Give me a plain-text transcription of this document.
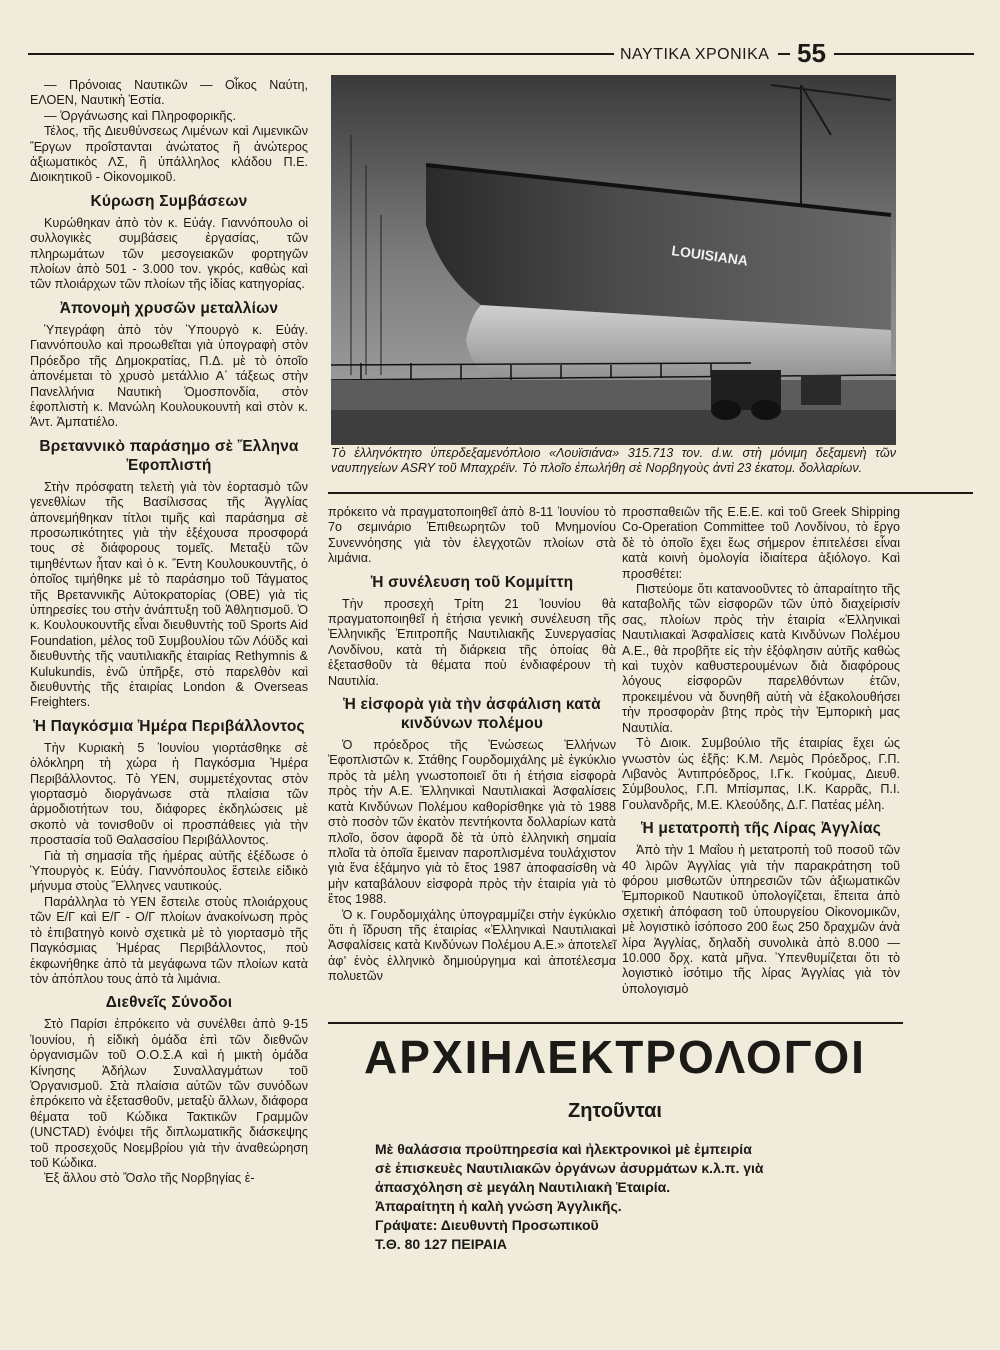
ΝΑΥΤΙΚΑ ΧΡΟΝΙΚΑ 55

— Πρόνοιας Ναυτικῶν — Οἶκος Ναύτη, ΕΛΟΕΝ, Ναυτικὴ Ἑστία.

— Ὀργάνωσης καὶ Πληροφορικῆς.

Τέλος, τῆς Διευθύνσεως Λιμένων καὶ Λιμενικῶν Ἔργων προΐστανται ἀνώτατος ἢ ἀνώτερος ἀξιωματικὸς ΛΣ, ἢ ὑπάλληλος κλάδου Π.Ε. Διοικητικοῦ - Οἰκονομικοῦ.

Κύρωση Συμβάσεων

Κυρώθηκαν ἀπὸ τὸν κ. Εὐάγ. Γιαννόπουλο οἱ συλλογικὲς συμβάσεις ἐργασίας, τῶν πληρωμάτων τῶν μεσογειακῶν φορτηγῶν πλοίων ἀπὸ 501 - 3.000 τον. γκρός, καθὼς καὶ τῶν πλοιάρχων τῶν πλοίων τῆς ἰδίας κατηγορίας.

Ἀπονομὴ χρυσῶν μεταλλίων

Ὑπεγράφη ἀπὸ τὸν Ὑπουργὸ κ. Εὐάγ. Γιαννόπουλο καὶ προωθεῖται γιὰ ὑπογραφὴ στὸν Πρόεδρο τῆς Δημοκρατίας, Π.Δ. μὲ τὸ ὁποῖο ἀπονέμεται τὸ χρυσὸ μετάλλιο Α΄ τάξεως στὴν Πανελλήνια Ναυτικὴ Ὁμοσπονδία, στὸν ἐφοπλιστὴ κ. Μανώλη Κουλουκουντὴ καὶ στὸν κ. Ἀντ. Ἀμπατιέλο.

Βρεταννικὸ παράσημο σὲ Ἕλληνα Ἐφοπλιστή

Στὴν πρόσφατη τελετὴ γιὰ τὸν ἑορτασμὸ τῶν γενεθλίων τῆς Βασίλισσας τῆς Ἀγγλίας ἀπονεμήθηκαν τίτλοι τιμῆς καὶ παράσημα σὲ προσωπικότητες γιὰ τὴν ἐξέχουσα προσφορά τους σὲ διάφορους τομεῖς. Μεταξὺ τῶν τιμηθέντων ἦταν καὶ ὁ κ. Ἔντη Κουλουκουντῆς, ὁ ὁποῖος τιμήθηκε μὲ τὸ παράσημο τοῦ Τάγματος τῆς Βρεταννικῆς Αὐτοκρατορίας (OBE) γιὰ τὶς ὑπηρεσίες του στὴν ἀνάπτυξη τοῦ Ἀθλητισμοῦ. Ὁ κ. Κουλουκουντῆς εἶναι διευθυντὴς τοῦ Sports Aid Foundation, μέλος τοῦ Συμβουλίου τῶν Λόϋδς καὶ διευθυντὴς τῆς ναυτιλιακῆς ἑταιρίας Rethymnis & Kulukundis, ἐνῶ ὑπῆρξε, στὸ παρελθὸν καὶ διευθυντὴς τῆς ἑταιρίας London & Overseas Freighters.

Ἡ Παγκόσμια Ἡμέρα Περιβάλλοντος

Τὴν Κυριακὴ 5 Ἰουνίου γιορτάσθηκε σὲ ὁλόκληρη τὴ χώρα ἡ Παγκόσμια Ἡμέρα Περιβάλλοντος. Τὸ ΥΕΝ, συμμετέχοντας στὸν γιορτασμὸ διοργάνωσε στὰ πλαίσια τῶν ἁρμοδιοτήτων του, διάφορες ἐκδηλώσεις μὲ σκοπὸ νὰ τονισθοῦν οἱ προσπάθειες γιὰ τὴν προστασία τοῦ Θαλασσίου Περιβάλλοντος.

Γιὰ τὴ σημασία τῆς ἡμέρας αὐτῆς ἐξέδωσε ὁ Ὑπουργὸς κ. Εὐάγ. Γιαννόπουλος ἔστειλε εἰδικὸ μήνυμα στοὺς Ἕλληνες ναυτικούς.

Παράλληλα τὸ ΥΕΝ ἔστειλε στοὺς πλοιάρχους τῶν Ε/Γ καὶ Ε/Γ - Ο/Γ πλοίων ἀνακοίνωση πρὸς τὸ ἐπιβατηγὸ κοινὸ σχετικὰ μὲ τὸ γιορτασμὸ τῆς Παγκόσμιας Ἡμέρας Περιβάλλοντος, ποὺ ἐκφωνήθηκε ἀπὸ τὰ μεγάφωνα τῶν πλοίων κατὰ τὸν ἀπόπλου τους ἀπὸ τὰ λιμάνια.

Διεθνεῖς Σύνοδοι

Στὸ Παρίσι ἐπρόκειτο νὰ συνέλθει ἀπὸ 9-15 Ἰουνίου, ἡ εἰδικὴ ὁμάδα ἐπὶ τῶν διεθνῶν ὀργανισμῶν τοῦ Ο.Ο.Σ.Α καὶ ἡ μικτὴ ὁμάδα Κίνησης Ἀδήλων Συναλλαγμάτων τοῦ Ὀργανισμοῦ. Στὰ πλαίσια αὐτῶν τῶν συνόδων ἐπρόκειτο νὰ ἐξετασθοῦν, μεταξὺ ἄλλων, διάφορα θέματα τοῦ Κώδικα Τακτικῶν Γραμμῶν (UNCTAD) ἐνόψει τῆς διπλωματικῆς διάσκεψης τοῦ προσεχοῦς Νοεμβρίου γιὰ τὴν ἀναθεώρηση τοῦ Κώδικα.

Ἐξ ἄλλου στὸ Ὄσλο τῆς Νορβηγίας ἐ-

LOUISIANA
Τὸ ἑλληνόκτητο ὑπερδεξαμενόπλοιο «Λουϊσιάνα» 315.713 τον. d.w. στὴ μόνιμη δεξαμενὴ τῶν ναυπηγείων ASRY τοῦ Μπαχρέϊν. Τὸ πλοῖο ἐπωλήθη σὲ Νορβηγοὺς ἀντὶ 23 ἑκατομ. δολλαρίων.

πρόκειτο νὰ πραγματοποιηθεῖ ἀπὸ 8-11 Ἰουνίου τὸ 7ο σεμινάριο Ἐπιθεωρητῶν τοῦ Μνημονίου Συνεννόησης γιὰ τὸν ἐλεγχοτῶν πλοίων στὰ λιμάνια.

Ἡ συνέλευση τοῦ Κομμίττη

Τὴν προσεχὴ Τρίτη 21 Ἰουνίου θὰ πραγματοποιηθεῖ ἡ ἐτήσια γενικὴ συνέλευση τῆς Ἑλληνικῆς Ἐπιτροπῆς Ναυτιλιακῆς Συνεργασίας Λονδίνου, κατὰ τὴ διάρκεια τῆς ὁποίας θὰ ἐξετασθοῦν τὰ θέματα ποὺ ἐνδιαφέρουν τὴ Ναυτιλία.

Ἡ εἰσφορὰ γιὰ τὴν ἀσφάλιση κατὰ κινδύνων πολέμου

Ὁ πρόεδρος τῆς Ἑνώσεως Ἑλλήνων Ἐφοπλιστῶν κ. Στάθης Γουρδομιχάλης μὲ ἐγκύκλιο πρὸς τὰ μέλη γνωστοποιεῖ ὅτι ἡ ἐτήσια εἰσφορὰ πρὸς τὴν Α.Ε. Ἑλληνικαὶ Ναυτιλιακαὶ Ἀσφαλίσεις κατὰ Κινδύνων Πολέμου καθορίσθηκε γιὰ τὸ 1988 στὸ ποσὸν τῶν ἑκατὸν πεντήκοντα δολλαρίων κατὰ πλοῖο, ὅσον ἀφορᾶ δὲ τὰ ὑπὸ ἑλληνικὴ σημαία πλοῖα τὰ ὁποῖα ἔμειναν παροπλισμένα τουλάχιστον γιὰ ἕνα ἑξάμηνο γιὰ τὸ ἔτος 1987 ἀποφασίσθη νὰ μὴν καταβάλουν εἰσφορὰ πρὸς τὴν ἑταιρία γιὰ τὸ ἔτος 1988.

Ὁ κ. Γουρδομιχάλης ὑπογραμμίζει στὴν ἐγκύκλιο ὅτι ἡ ἵδρυση τῆς ἑταιρίας «Ἑλληνικαὶ Ναυτιλιακαὶ Ἀσφαλίσεις κατὰ Κινδύνων Πολέμου Α.Ε.» ἀποτελεῖ ἀφ’ ἑνὸς ἑλληνικὸ δημιούργημα καὶ ἀποτέλεσμα πολυετῶν

προσπαθειῶν τῆς Ε.Ε.Ε. καὶ τοῦ Greek Shipping Co-Operation Committee τοῦ Λονδίνου, τὸ ἔργο δὲ τὸ ὁποῖο ἔχει ἕως σήμερον ἐπιτελέσει εἶναι κατὰ κοινὴ ὁμολογία ἰδιαίτερα ἀξιόλογο. Καὶ προσθέτει:

Πιστεύομε ὅτι κατανοοῦντες τὸ ἀπαραίτητο τῆς καταβολῆς τῶν εἰσφορῶν τῶν ὑπὸ διαχείρισίν σας, πλοίων πρὸς τὴν ἑταιρία «Ἑλληνικαὶ Ναυτιλιακαὶ Ἀσφαλίσεις κατὰ Κινδύνων Πολέμου Α.Ε., θὰ προβῆτε εἰς τὴν ἐξόφλησιν αὐτῆς καθὼς καὶ τυχὸν καθυστερουμένων διὰ διαφόρους λόγους εἰσφορῶν παρελθόντων ἐτῶν, προκειμένου νὰ δυνηθῆ αὐτὴ νὰ ἐξακολουθήσει τὴν προσφορὰν βτης πρὸς τὴν Ἐμπορικὴ μας Ναυτιλία.

Τὸ Διοικ. Συμβούλιο τῆς ἑταιρίας ἔχει ὡς γνωστὸν ὡς ἑξῆς: Κ.Μ. Λεμὸς Πρόεδρος, Γ.Π. Λιβανὸς Ἀντιπρόεδρος, Ι.Γκ. Γκούμας, Διευθ. Σύμβουλος, Γ.Π. Μπίσμπας, Ι.Κ. Καρρᾶς, Π.Ι. Γουλανδρῆς, Μ.Ε. Κλεούδης, Δ.Γ. Πατέας μέλη.

Ἡ μετατροπὴ τῆς Λίρας Ἀγγλίας

Ἀπὸ τὴν 1 Μαΐου ἡ μετατροπὴ τοῦ ποσοῦ τῶν 40 λιρῶν Ἀγγλίας γιὰ τὴν παρακράτηση τοῦ φόρου μισθωτῶν ὑπηρεσιῶν τῶν ἀξιωματικῶν Ἐμπορικοῦ Ναυτικοῦ ὑπολογίζεται, ἔπειτα ἀπὸ σχετικὴ ἀπόφαση τοῦ ὑπουργείου Οἰκονομικῶν, μὲ λογιστικὸ ἰσόποσο 200 ἕως 250 δραχμῶν ἀνὰ λίρα Ἀγγλίας, δηλαδὴ συνολικὰ ἀπὸ 8.000 — 10.000 δρχ. κατὰ μῆνα. Ὑπενθυμίζεται ὅτι τὸ λογιστικὸ ἰσότιμο τῆς λίρας Ἀγγλίας γιὰ τὸν ὑπολογισμὸ

ΑΡΧΙΗΛΕΚΤΡΟΛΟΓΟΙ
Ζητοῦνται
Μὲ θαλάσσια προϋπηρεσία καὶ ἠλεκτρονικοὶ μὲ ἐμπειρία
σὲ ἐπισκευὲς Ναυτιλιακῶν ὀργάνων ἀσυρμάτων κ.λ.π. γιὰ
ἀπασχόληση σὲ μεγάλη Ναυτιλιακὴ Ἑταιρία.
Ἀπαραίτητη ἡ καλὴ γνώση Ἀγγλικῆς.
Γράψατε: Διευθυντὴ Προσωπικοῦ
Τ.Θ. 80 127 ΠΕΙΡΑΙΑ
